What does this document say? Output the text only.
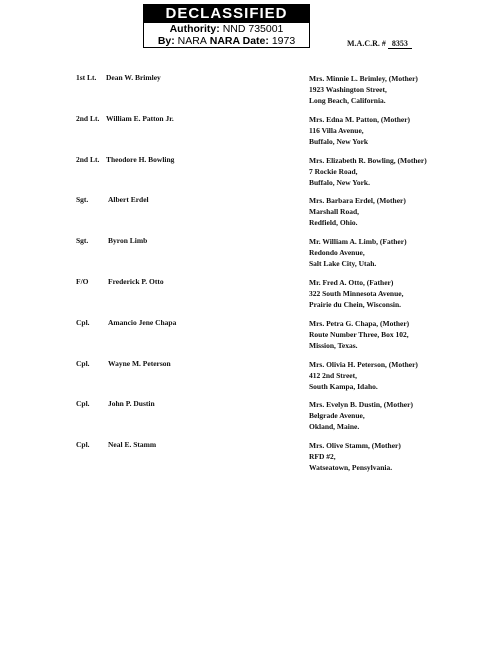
DECLASSIFIED
Authority: NND 735001
By: NARA NARA Date: 1973	M.A.C.R. # 8353
1st Lt. Dean W. Brimley	Mrs. Minnie L. Brimley, (Mother)
1923 Washington Street,
Long Beach, California.
2nd Lt. William E. Patton Jr.	Mrs. Edna M. Patton, (Mother)
116 Villa Avenue,
Buffalo, New York
2nd Lt. Theodore H. Bowling	Mrs. Elizabeth R. Bowling, (Mother)
7 Rockie Road,
Buffalo, New York.
Sgt.	Albert Erdel	Mrs. Barbara Erdel, (Mother)
Marshall Road,
Redfield, Ohio.
Sgt.	Byron Limb	Mr. William A. Limb, (Father)
Redondo Avenue,
Salt Lake City, Utah.
F/O	Frederick P. Otto	Mr. Fred A. Otto, (Father)
322 South Minnesota Avenue,
Prairie du Chein, Wisconsin.
Cpl. Amancio Jene Chapa	Mrs. Petra G. Chapa, (Mother)
Route Number Three, Box 102,
Mission, Texas.
Cpl. Wayne M. Peterson	Mrs. Olivia H. Peterson, (Mother)
412 2nd Street,
South Kampa, Idaho.
Cpl. John P. Dustin	Mrs. Evelyn B. Dustin, (Mother)
Belgrade Avenue,
Okland, Maine.
Cpl. Neal E. Stamm	Mrs. Olive Stamm, (Mother)
RFD #2,
Watseatown, Pensylvania.
